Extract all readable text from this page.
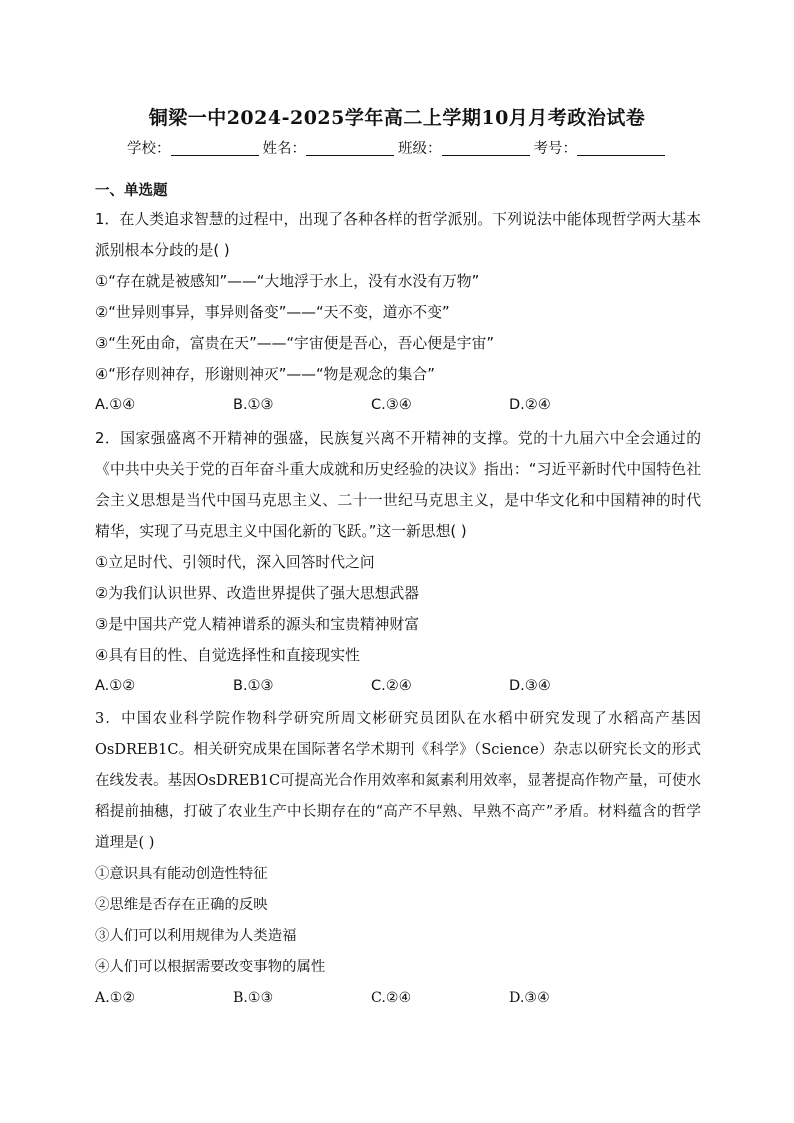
铜梁一中2024-2025学年高二上学期10月月考政治试卷
学校：	姓名：	班级：	考号：
一、单选题
1．在人类追求智慧的过程中，出现了各种各样的哲学派别。下列说法中能体现哲学两大基本派别根本分歧的是( )
①“存在就是被感知”——“大地浮于水上，没有水没有万物”
②“世异则事异，事异则备变”——“天不变，道亦不变”
③“生死由命，富贵在天”——“宇宙便是吾心，吾心便是宇宙”
④“形存则神存，形谢则神灭”——“物是观念的集合”
A.①④	B.①③	C.③④	D.②④
2．国家强盛离不开精神的强盛，民族复兴离不开精神的支撑。党的十九届六中全会通过的《中共中央关于党的百年奋斗重大成就和历史经验的决议》指出：“习近平新时代中国特色社会主义思想是当代中国马克思主义、二十一世纪马克思主义，是中华文化和中国精神的时代精华，实现了马克思主义中国化新的飞跃。”这一新思想( )
①立足时代、引领时代，深入回答时代之问
②为我们认识世界、改造世界提供了强大思想武器
③是中国共产党人精神谱系的源头和宝贵精神财富
④具有目的性、自觉选择性和直接现实性
A.①②	B.①③	C.②④	D.③④
3．中国农业科学院作物科学研究所周文彬研究员团队在水稻中研究发现了水稻高产基因OsDREB1C。相关研究成果在国际著名学术期刊《科学》（Science）杂志以研究长文的形式在线发表。基因OsDREB1C可提高光合作用效率和氮素利用效率，显著提高作物产量，可使水稻提前抽穗，打破了农业生产中长期存在的“高产不早熟、早熟不高产”矛盾。材料蕴含的哲学道理是( )
①意识具有能动创造性特征
②思维是否存在正确的反映
③人们可以利用规律为人类造福
④人们可以根据需要改变事物的属性
A.①②	B.①③	C.②④	D.③④
